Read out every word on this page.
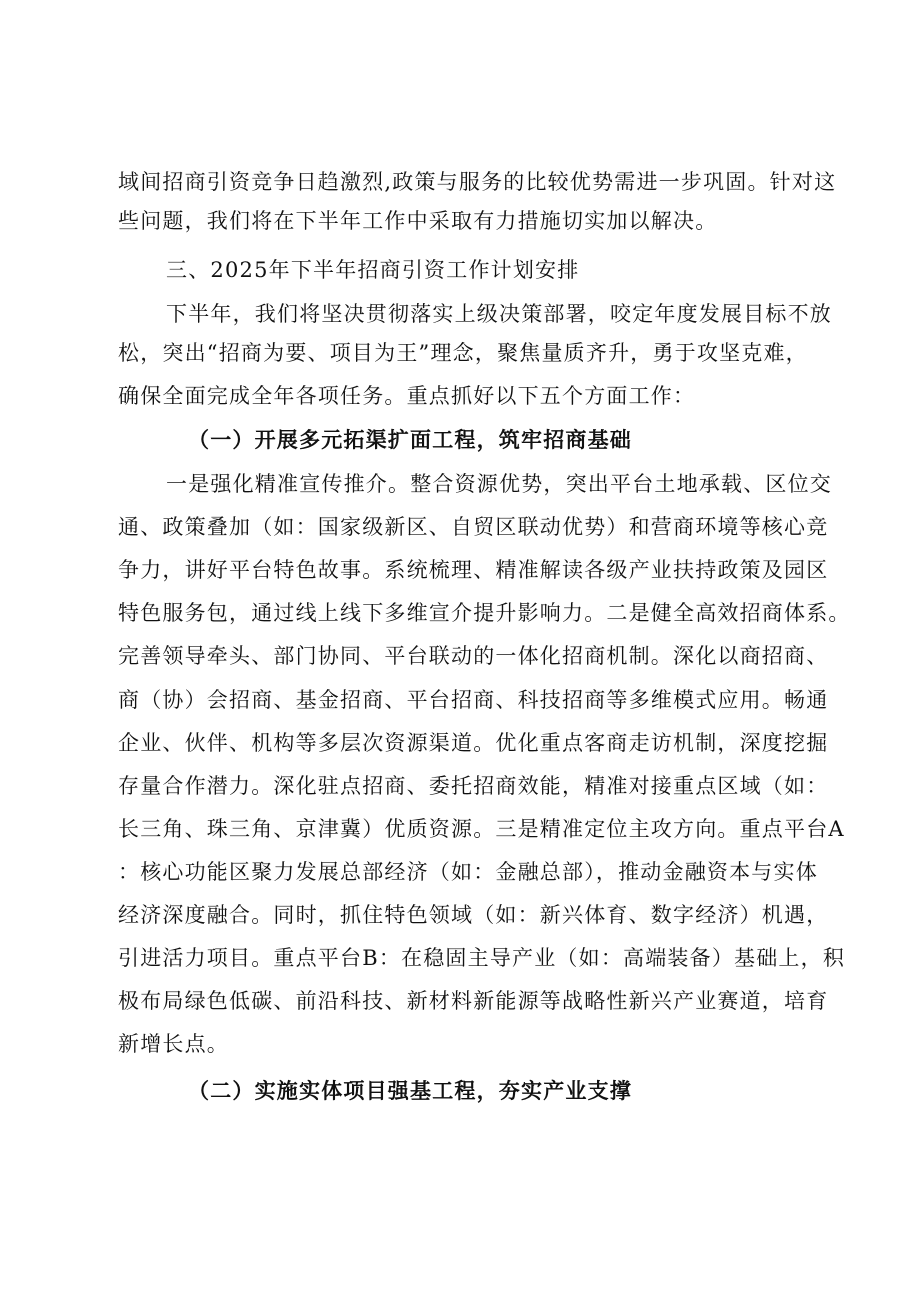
域间招商引资竞争日趋激烈,政策与服务的比较优势需进一步巩固。针对这
些问题，我们将在下半年工作中采取有力措施切实加以解决。
三、2025年下半年招商引资工作计划安排
下半年，我们将坚决贯彻落实上级决策部署，咬定年度发展目标不放
松，突出“招商为要、项目为王”理念，聚焦量质齐升，勇于攻坚克难，
确保全面完成全年各项任务。重点抓好以下五个方面工作：
（一）开展多元拓渠扩面工程，筑牢招商基础
一是强化精准宣传推介。整合资源优势，突出平台土地承载、区位交
通、政策叠加（如：国家级新区、自贸区联动优势）和营商环境等核心竞
争力，讲好平台特色故事。系统梳理、精准解读各级产业扶持政策及园区
特色服务包，通过线上线下多维宣介提升影响力。二是健全高效招商体系。
完善领导牵头、部门协同、平台联动的一体化招商机制。深化以商招商、
商（协）会招商、基金招商、平台招商、科技招商等多维模式应用。畅通
企业、伙伴、机构等多层次资源渠道。优化重点客商走访机制，深度挖掘
存量合作潜力。深化驻点招商、委托招商效能，精准对接重点区域（如：
长三角、珠三角、京津冀）优质资源。三是精准定位主攻方向。重点平台A
：核心功能区聚力发展总部经济（如：金融总部），推动金融资本与实体
经济深度融合。同时，抓住特色领域（如：新兴体育、数字经济）机遇，
引进活力项目。重点平台B：在稳固主导产业（如：高端装备）基础上，积
极布局绿色低碳、前沿科技、新材料新能源等战略性新兴产业赛道，培育
新增长点。
（二）实施实体项目强基工程，夯实产业支撑
